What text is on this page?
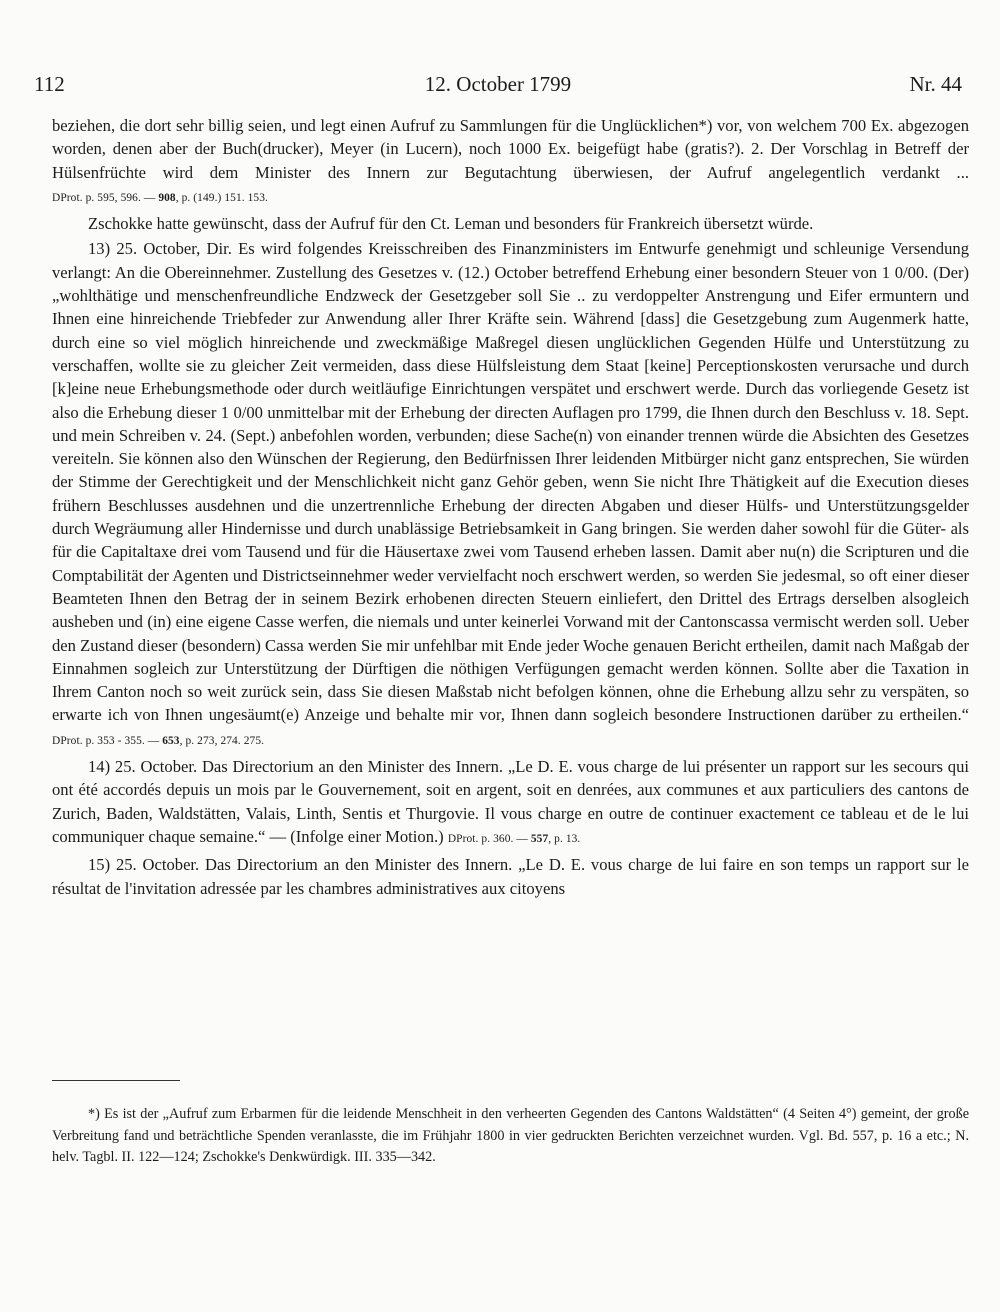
112	12. October 1799	Nr. 44

beziehen, die dort sehr billig seien, und legt einen Aufruf zu Sammlungen für die Unglücklichen*) vor, von welchem 700 Ex. abgezogen worden, denen aber der Buch(drucker), Meyer (in Lucern), noch 1000 Ex. beigefügt habe (gratis?). 2. Der Vorschlag in Betreff der Hülsenfrüchte wird dem Minister des Innern zur Begutachtung überwiesen, der Aufruf angelegentlich verdankt ... DProt. p. 595, 596. — 908, p. (149.) 151. 153.

Zschokke hatte gewünscht, dass der Aufruf für den Ct. Leman und besonders für Frankreich übersetzt würde.

13) 25. October, Dir. Es wird folgendes Kreisschreiben des Finanzministers im Entwurfe genehmigt und schleunige Versendung verlangt: An die Obereinnehmer. Zustellung des Gesetzes v. (12.) October betreffend Erhebung einer besondern Steuer von 1 0/00. (Der) „wohlthätige und menschenfreundliche Endzweck der Gesetzgeber soll Sie .. zu verdoppelter Anstrengung und Eifer ermuntern und Ihnen eine hinreichende Triebfeder zur Anwendung aller Ihrer Kräfte sein. Während [dass] die Gesetzgebung zum Augenmerk hatte, durch eine so viel möglich hinreichende und zweckmäßige Maßregel diesen unglücklichen Gegenden Hülfe und Unterstützung zu verschaffen, wollte sie zu gleicher Zeit vermeiden, dass diese Hülfsleistung dem Staat [keine] Perceptionskosten verursache und durch [k]eine neue Erhebungsmethode oder durch weitläufige Einrichtungen verspätet und erschwert werde. Durch das vorliegende Gesetz ist also die Erhebung dieser 1 0/00 unmittelbar mit der Erhebung der directen Auflagen pro 1799, die Ihnen durch den Beschluss v. 18. Sept. und mein Schreiben v. 24. (Sept.) anbefohlen worden, verbunden; diese Sache(n) von einander trennen würde die Absichten des Gesetzes vereiteln. Sie können also den Wünschen der Regierung, den Bedürfnissen Ihrer leidenden Mitbürger nicht ganz entsprechen, Sie würden der Stimme der Gerechtigkeit und der Menschlichkeit nicht ganz Gehör geben, wenn Sie nicht Ihre Thätigkeit auf die Execution dieses frühern Beschlusses ausdehnen und die unzertrennliche Erhebung der directen Abgaben und dieser Hülfs- und Unterstützungsgelder durch Wegräumung aller Hindernisse und durch unablässige Betriebsamkeit in Gang bringen. Sie werden daher sowohl für die Güter- als für die Capitaltaxe drei vom Tausend und für die Häusertaxe zwei vom Tausend erheben lassen. Damit aber nu(n) die Scripturen und die Comptabilität der Agenten und Districtseinnehmer weder vervielfacht noch erschwert werden, so werden Sie jedesmal, so oft einer dieser Beamteten Ihnen den Betrag der in seinem Bezirk erhobenen directen Steuern einliefert, den Drittel des Ertrags derselben alsogleich ausheben und (in) eine eigene Casse werfen, die niemals und unter keinerlei Vorwand mit der Cantonscassa vermischt werden soll. Ueber den Zustand dieser (besondern) Cassa werden Sie mir unfehlbar mit Ende jeder Woche genauen Bericht ertheilen, damit nach Maßgab der Einnahmen sogleich zur Unterstützung der Dürftigen die nöthigen Verfügungen gemacht werden können. Sollte aber die Taxation in Ihrem Canton noch so weit zurück sein, dass Sie diesen Maßstab nicht befolgen können, ohne die Erhebung allzu sehr zu verspäten, so erwarte ich von Ihnen ungesäumt(e) Anzeige und behalte mir vor, Ihnen dann sogleich besondere Instructionen darüber zu ertheilen.“ DProt. p. 353 - 355. — 653, p. 273, 274. 275.

14) 25. October. Das Directorium an den Minister des Innern. „Le D. E. vous charge de lui présenter un rapport sur les secours qui ont été accordés depuis un mois par le Gouvernement, soit en argent, soit en denrées, aux communes et aux particuliers des cantons de Zurich, Baden, Waldstätten, Valais, Linth, Sentis et Thurgovie. Il vous charge en outre de continuer exactement ce tableau et de le lui communiquer chaque semaine.“ — (Infolge einer Motion.) DProt. p. 360. — 557, p. 13.

15) 25. October. Das Directorium an den Minister des Innern. „Le D. E. vous charge de lui faire en son temps un rapport sur le résultat de l'invitation adressée par les chambres administratives aux citoyens

*) Es ist der „Aufruf zum Erbarmen für die leidende Menschheit in den verheerten Gegenden des Cantons Waldstätten“ (4 Seiten 4°) gemeint, der große Verbreitung fand und beträchtliche Spenden veranlasste, die im Frühjahr 1800 in vier gedruckten Berichten verzeichnet wurden. Vgl. Bd. 557, p. 16 a etc.; N. helv. Tagbl. II. 122—124; Zschokke's Denkwürdigk. III. 335—342.
